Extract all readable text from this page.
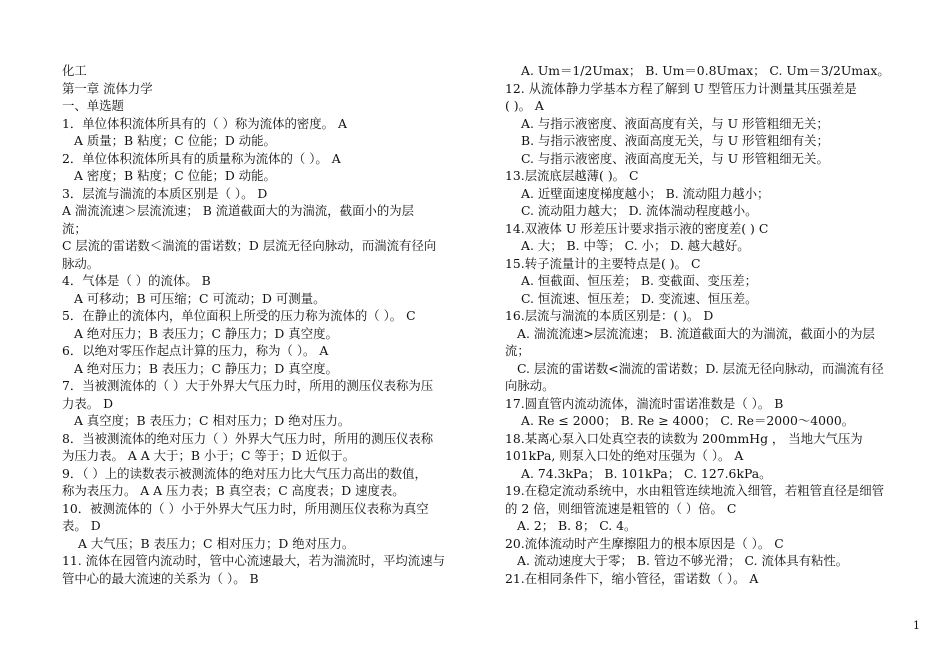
化工
第一章 流体力学
一、单选题
1．单位体积流体所具有的（ ）称为流体的密度。 A
A 质量；B 粘度；C 位能；D 动能。
2．单位体积流体所具有的质量称为流体的（ ）。 A
A 密度；B 粘度；C 位能；D 动能。
3．层流与湍流的本质区别是（ ）。 D
A 湍流流速＞层流流速； B 流道截面大的为湍流，截面小的为层
流；
C 层流的雷诺数＜湍流的雷诺数；D 层流无径向脉动，而湍流有径向
脉动。
4．气体是（ ）的流体。 B
A 可移动；B 可压缩；C 可流动；D 可测量。
5．在静止的流体内，单位面积上所受的压力称为流体的（ ）。 C
A 绝对压力；B 表压力；C 静压力；D 真空度。
6．以绝对零压作起点计算的压力，称为（ ）。 A
A 绝对压力；B 表压力；C 静压力；D 真空度。
7．当被测流体的（ ）大于外界大气压力时，所用的测压仪表称为压
力表。 D
A 真空度；B 表压力；C 相对压力；D 绝对压力。
8．当被测流体的绝对压力（ ）外界大气压力时，所用的测压仪表称
为压力表。 A A 大于；B 小于；C 等于；D 近似于。
9．（ ）上的读数表示被测流体的绝对压力比大气压力高出的数值，
称为表压力。 A A 压力表；B 真空表；C 高度表；D 速度表。
10．被测流体的（ ）小于外界大气压力时，所用测压仪表称为真空
表。 D
A 大气压；B 表压力；C 相对压力；D 绝对压力。
11. 流体在园管内流动时，管中心流速最大，若为湍流时，平均流速与
管中心的最大流速的关系为（ ）。 B
A. Um＝1/2Umax； B. Um＝0.8Umax； C. Um＝3/2Umax。
12. 从流体静力学基本方程了解到 U 型管压力计测量其压强差是
( )。 A
A. 与指示液密度、液面高度有关，与 U 形管粗细无关；
B. 与指示液密度、液面高度无关，与 U 形管粗细有关；
C. 与指示液密度、液面高度无关，与 U 形管粗细无关。
13.层流底层越薄( )。 C
A. 近壁面速度梯度越小； B. 流动阻力越小；
C. 流动阻力越大； D. 流体湍动程度越小。
14.双液体 U 形差压计要求指示液的密度差( ) C
A. 大； B. 中等； C. 小； D. 越大越好。
15.转子流量计的主要特点是( )。 C
A. 恒截面、恒压差； B. 变截面、变压差；
C. 恒流速、恒压差； D. 变流速、恒压差。
16.层流与湍流的本质区别是：( )。 D
A. 湍流流速>层流流速； B. 流道截面大的为湍流，截面小的为层
流；
C. 层流的雷诺数<湍流的雷诺数；D. 层流无径向脉动，而湍流有径
向脉动。
17.圆直管内流动流体，湍流时雷诺准数是（ ）。 B
A. Re ≤ 2000； B. Re ≥ 4000； C. Re＝2000～4000。
18.某离心泵入口处真空表的读数为 200mmHg ， 当地大气压为
101kPa, 则泵入口处的绝对压强为（ ）。 A
A. 74.3kPa； B. 101kPa； C. 127.6kPa。
19.在稳定流动系统中，水由粗管连续地流入细管，若粗管直径是细管
的 2 倍，则细管流速是粗管的（ ）倍。 C
A. 2； B. 8； C. 4。
20.流体流动时产生摩擦阻力的根本原因是（ ）。 C
A. 流动速度大于零； B. 管边不够光滑； C. 流体具有粘性。
21.在相同条件下，缩小管径，雷诺数（ ）。 A
1
